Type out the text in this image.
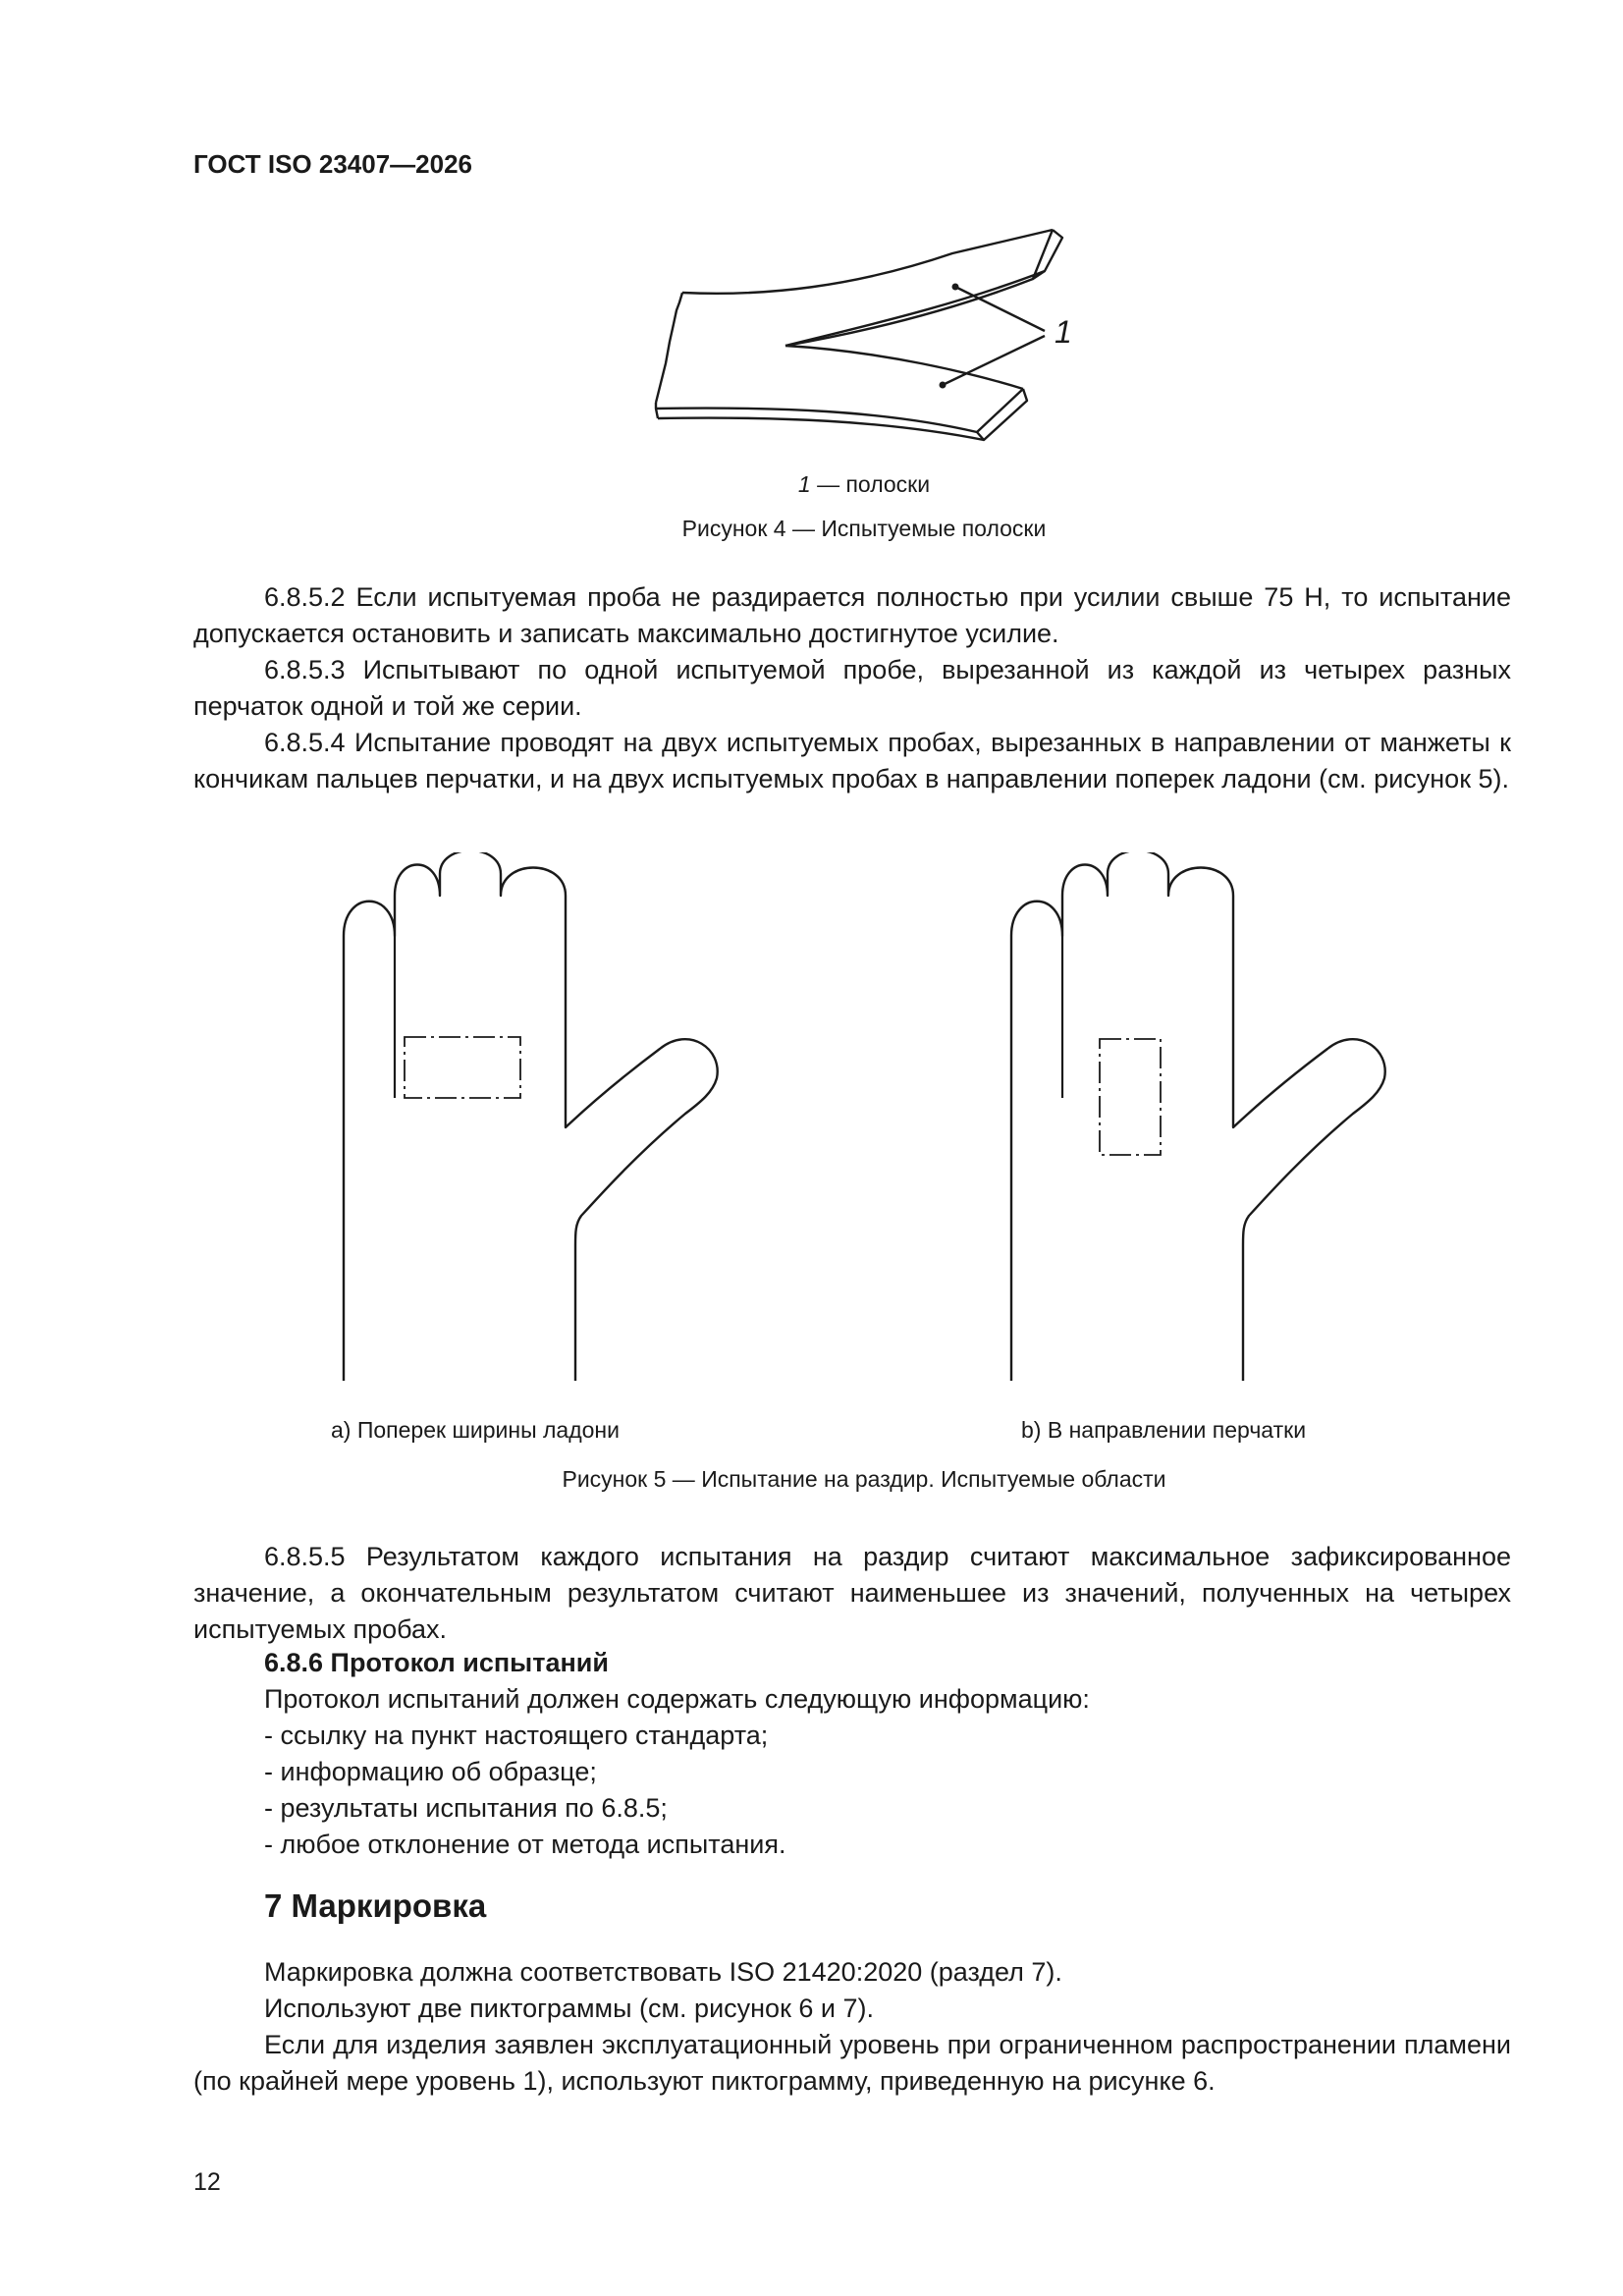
ГОСТ ISO 23407—2026
1
1 — полоски
Рисунок 4 — Испытуемые полоски

6.8.5.2 Если испытуемая проба не раздирается полностью при усилии свыше 75 Н, то испытание допускается остановить и записать максимально достигнутое усилие.

6.8.5.3 Испытывают по одной испытуемой пробе, вырезанной из каждой из четырех разных перчаток одной и той же серии.

6.8.5.4 Испытание проводят на двух испытуемых пробах, вырезанных в направлении от манжеты к кончикам пальцев перчатки, и на двух испытуемых пробах в направлении поперек ладони (см. рисунок 5).

а) Поперек ширины ладони	b) В направлении перчатки
Рисунок 5 — Испытание на раздир. Испытуемые области

6.8.5.5 Результатом каждого испытания на раздир считают максимальное зафиксированное значение, а окончательным результатом считают наименьшее из значений, полученных на четырех испытуемых пробах.

6.8.6 Протокол испытаний
Протокол испытаний должен содержать следующую информацию:
- ссылку на пункт настоящего стандарта;
- информацию об образце;
- результаты испытания по 6.8.5;
- любое отклонение от метода испытания.
7 Маркировка
Маркировка должна соответствовать ISO 21420:2020 (раздел 7).
Используют две пиктограммы (см. рисунок 6 и 7).

Если для изделия заявлен эксплуатационный уровень при ограниченном распространении пламени (по крайней мере уровень 1), используют пиктограмму, приведенную на рисунке 6.

12
